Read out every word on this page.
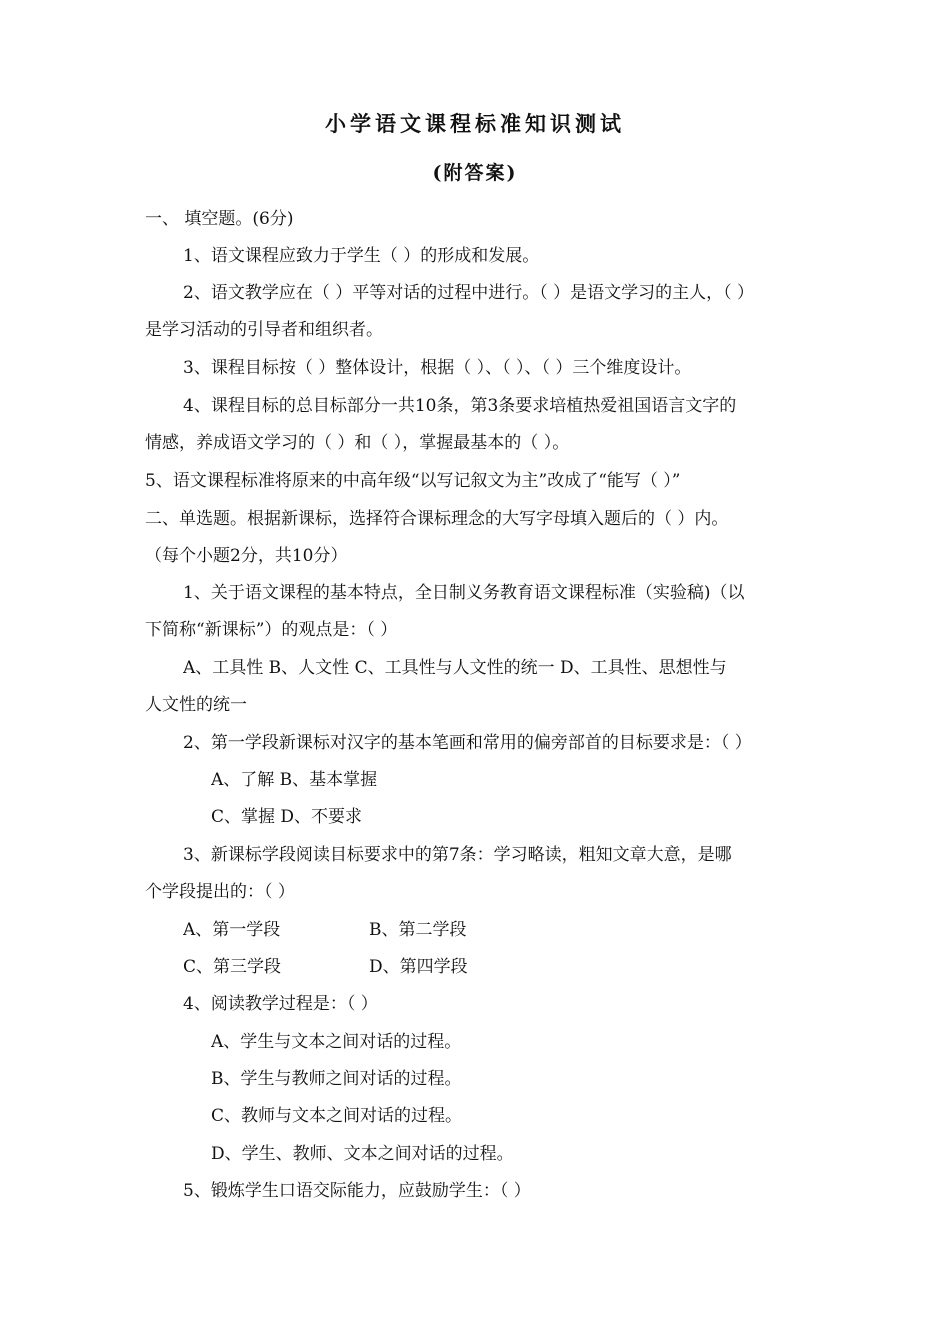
小学语文课程标准知识测试
(附答案)
一、 填空题。(6分)
1、语文课程应致力于学生（ ）的形成和发展。
2、语文教学应在（ ）平等对话的过程中进行。（ ）是语文学习的主人，（ ）
是学习活动的引导者和组织者。
3、课程目标按（ ）整体设计，根据（ ）、（ ）、（ ）三个维度设计。
4、课程目标的总目标部分一共10条，第3条要求培植热爱祖国语言文字的
情感，养成语文学习的（ ）和（ ），掌握最基本的（ ）。
5、语文课程标准将原来的中高年级“以写记叙文为主”改成了“能写（ ）”
二、单选题。根据新课标，选择符合课标理念的大写字母填入题后的（ ）内。
（每个小题2分，共10分）
1、关于语文课程的基本特点，全日制义务教育语文课程标准（实验稿)（以
下简称“新课标”）的观点是：（ ）
A、工具性 B、人文性 C、工具性与人文性的统一 D、工具性、思想性与
人文性的统一
2、第一学段新课标对汉字的基本笔画和常用的偏旁部首的目标要求是：（ ）
A、了解 B、基本掌握
C、掌握 D、不要求
3、新课标学段阅读目标要求中的第7条：学习略读，粗知文章大意，是哪
个学段提出的：（ ）
A、第一学段	B、第二学段
C、第三学段	D、第四学段
4、阅读教学过程是：（ ）
A、学生与文本之间对话的过程。
B、学生与教师之间对话的过程。
C、教师与文本之间对话的过程。
D、学生、教师、文本之间对话的过程。
5、锻炼学生口语交际能力，应鼓励学生：（ ）
